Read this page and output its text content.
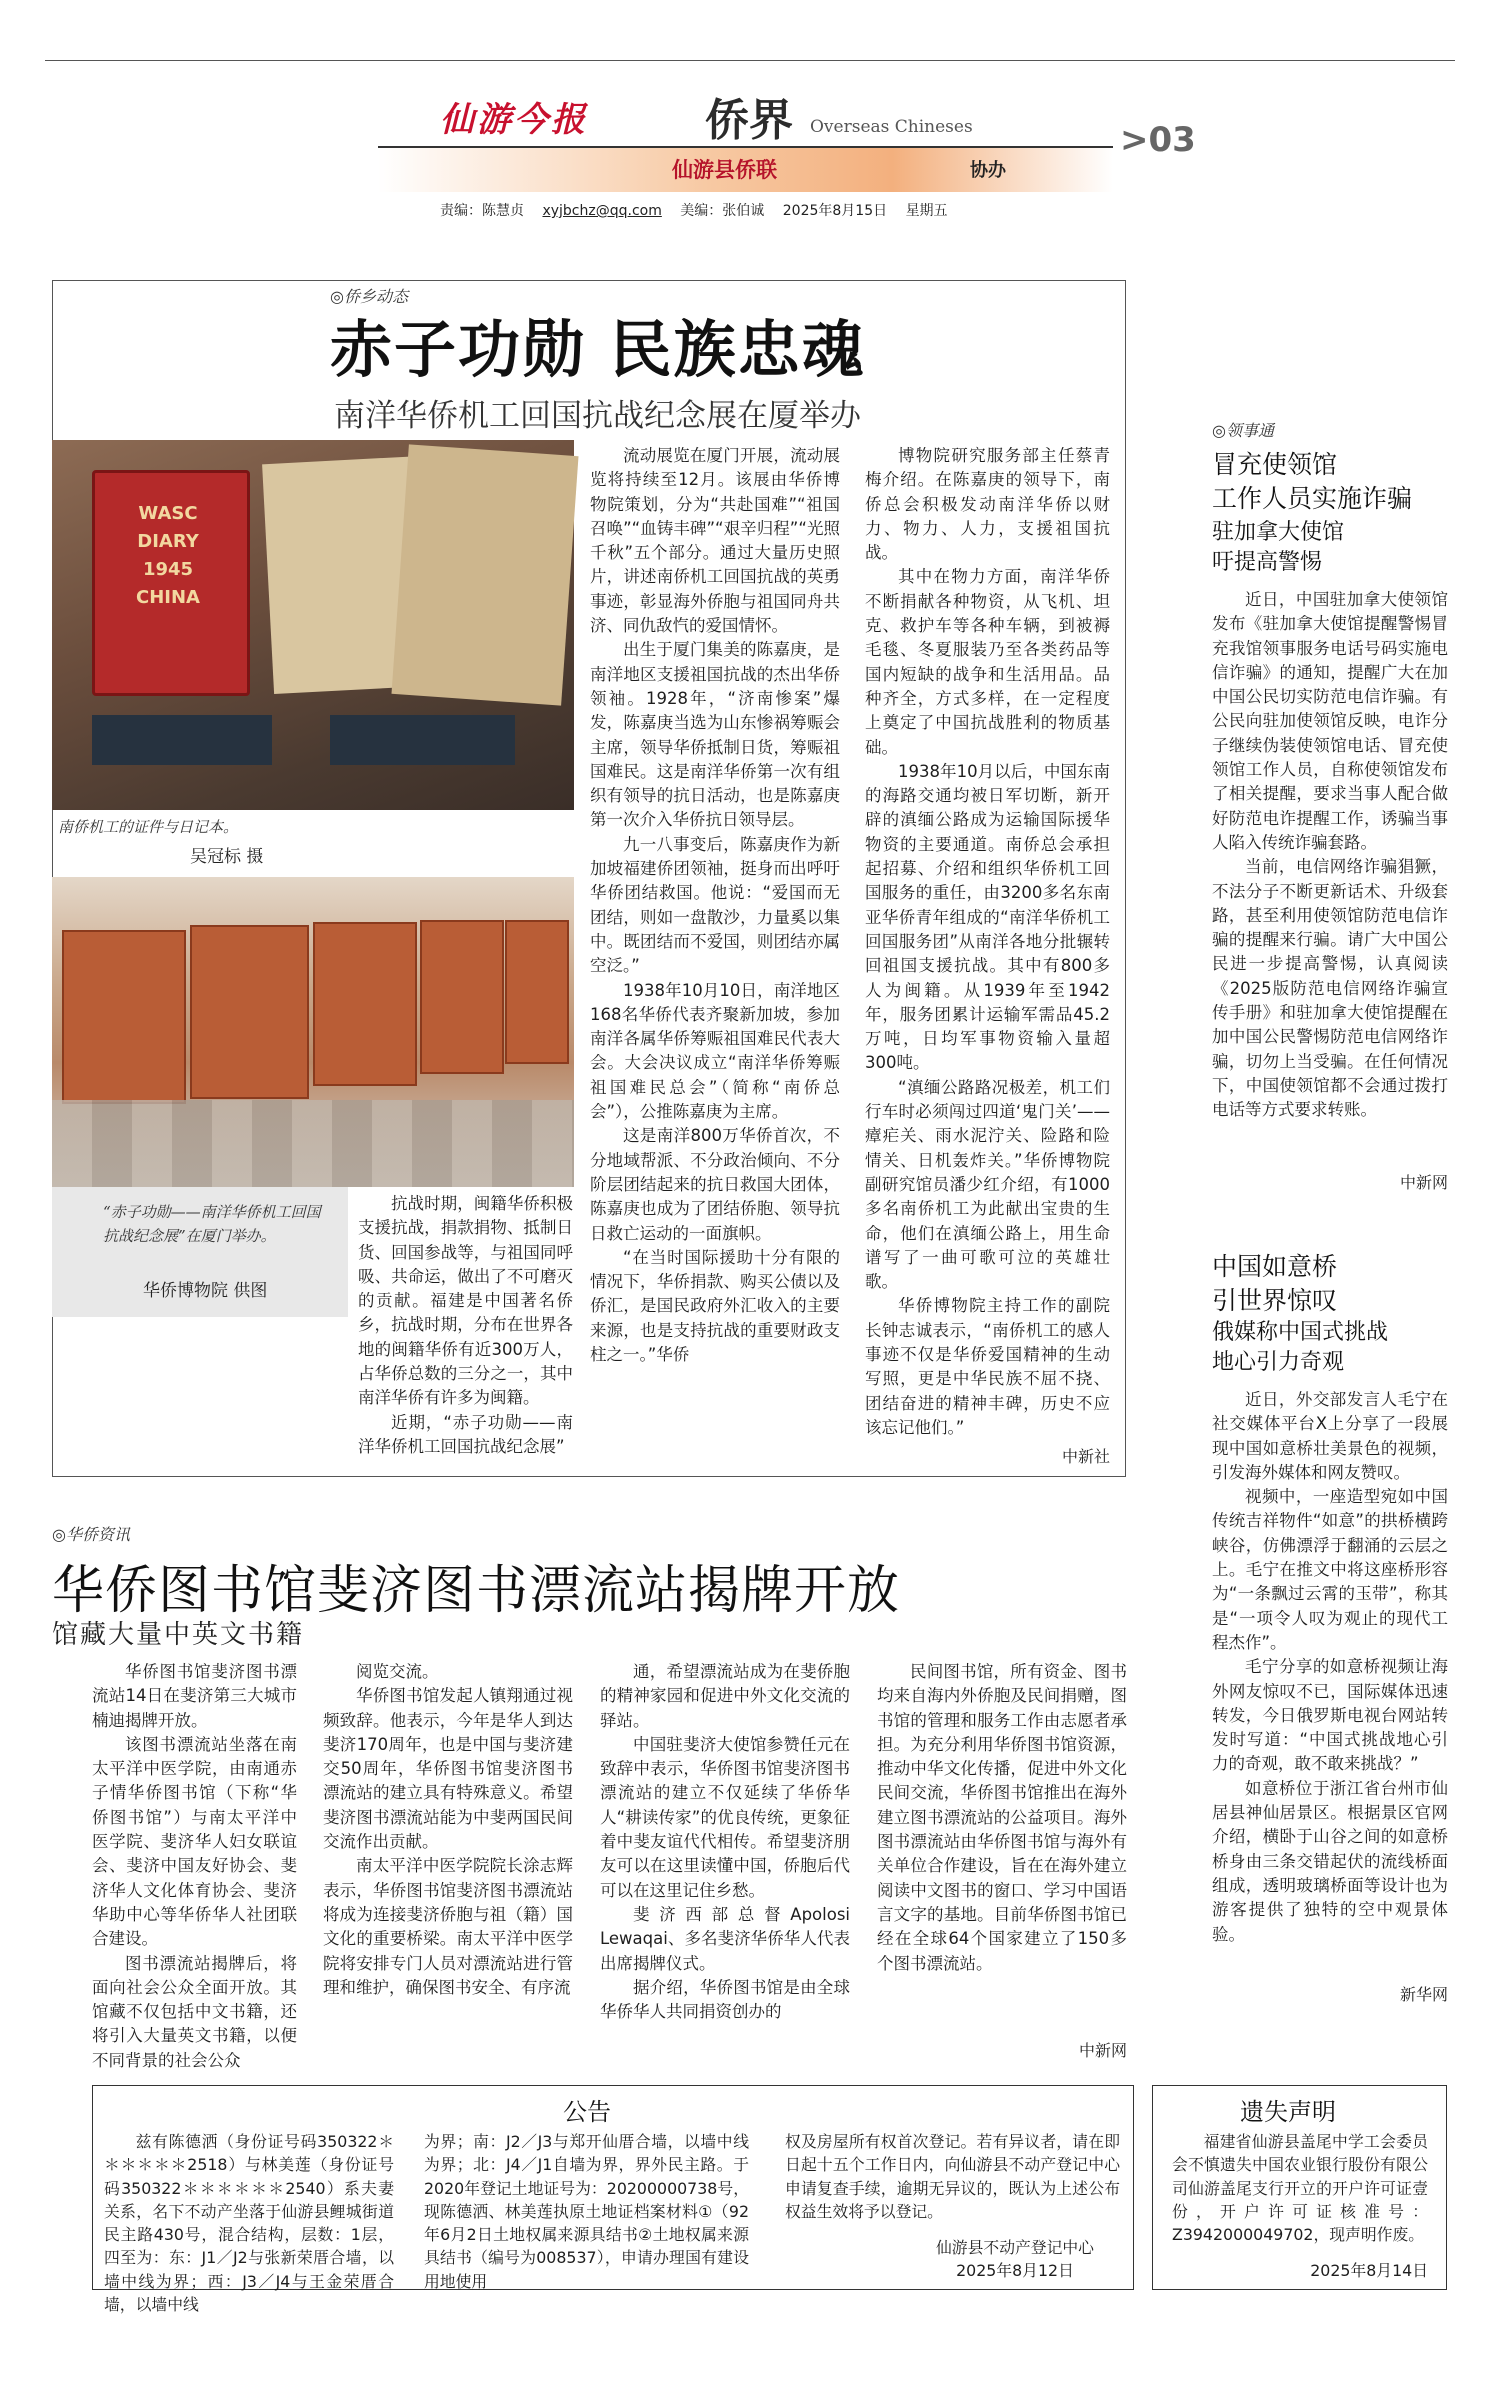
仙游今报	侨界 Overseas Chineses	>03
仙游县侨联	协办
责编：陈慧贞 xyjbchz@qq.com 美编：张伯诚 2025年8月15日 星期五
◎侨乡动态
赤子功勋 民族忠魂
南洋华侨机工回国抗战纪念展在厦举办
WASC
DIARY
1945
CHINA
南侨机工的证件与日记本。
吴冠标 摄
“赤子功勋——南洋华侨机工回国抗战纪念展”在厦门举办。
华侨博物院 供图

抗战时期，闽籍华侨积极支援抗战，捐款捐物、抵制日货、回国参战等，与祖国同呼吸、共命运，做出了不可磨灭的贡献。福建是中国著名侨乡，抗战时期，分布在世界各地的闽籍华侨有近300万人，占华侨总数的三分之一，其中南洋华侨有许多为闽籍。

近期，“赤子功勋——南洋华侨机工回国抗战纪念展”

流动展览在厦门开展，流动展览将持续至12月。该展由华侨博物院策划，分为“共赴国难”“祖国召唤”“血铸丰碑”“艰辛归程”“光照千秋”五个部分。通过大量历史照片，讲述南侨机工回国抗战的英勇事迹，彰显海外侨胞与祖国同舟共济、同仇敌忾的爱国情怀。

出生于厦门集美的陈嘉庚，是南洋地区支援祖国抗战的杰出华侨领袖。1928年，“济南惨案”爆发，陈嘉庚当选为山东惨祸筹赈会主席，领导华侨抵制日货，筹赈祖国难民。这是南洋华侨第一次有组织有领导的抗日活动，也是陈嘉庚第一次介入华侨抗日领导层。

九一八事变后，陈嘉庚作为新加坡福建侨团领袖，挺身而出呼吁华侨团结救国。他说：“爱国而无团结，则如一盘散沙，力量奚以集中。既团结而不爱国，则团结亦属空泛。”

1938年10月10日，南洋地区168名华侨代表齐聚新加坡，参加南洋各属华侨筹赈祖国难民代表大会。大会决议成立“南洋华侨筹赈祖国难民总会”（简称“南侨总会”），公推陈嘉庚为主席。

这是南洋800万华侨首次，不分地域帮派、不分政治倾向、不分阶层团结起来的抗日救国大团体，陈嘉庚也成为了团结侨胞、领导抗日救亡运动的一面旗帜。

“在当时国际援助十分有限的情况下，华侨捐款、购买公债以及侨汇，是国民政府外汇收入的主要来源，也是支持抗战的重要财政支柱之一。”华侨

博物院研究服务部主任蔡青梅介绍。在陈嘉庚的领导下，南侨总会积极发动南洋华侨以财力、物力、人力，支援祖国抗战。

其中在物力方面，南洋华侨不断捐献各种物资，从飞机、坦克、救护车等各种车辆，到被褥毛毯、冬夏服装乃至各类药品等国内短缺的战争和生活用品。品种齐全，方式多样，在一定程度上奠定了中国抗战胜利的物质基础。

1938年10月以后，中国东南的海路交通均被日军切断，新开辟的滇缅公路成为运输国际援华物资的主要通道。南侨总会承担起招募、介绍和组织华侨机工回国服务的重任，由3200多名东南亚华侨青年组成的“南洋华侨机工回国服务团”从南洋各地分批辗转回祖国支援抗战。其中有800多人为闽籍。从1939年至1942年，服务团累计运输军需品45.2万吨，日均军事物资输入量超300吨。

“滇缅公路路况极差，机工们行车时必须闯过四道‘鬼门关’——瘴疟关、雨水泥泞关、险路和险情关、日机轰炸关。”华侨博物院副研究馆员潘少红介绍，有1000多名南侨机工为此献出宝贵的生命，他们在滇缅公路上，用生命谱写了一曲可歌可泣的英雄壮歌。

华侨博物院主持工作的副院长钟志诚表示，“南侨机工的感人事迹不仅是华侨爱国精神的生动写照，更是中华民族不屈不挠、团结奋进的精神丰碑，历史不应该忘记他们。”

中新社
◎领事通
冒充使领馆
工作人员实施诈骗
驻加拿大使馆
吁提高警惕

近日，中国驻加拿大使领馆发布《驻加拿大使馆提醒警惕冒充我馆领事服务电话号码实施电信诈骗》的通知，提醒广大在加中国公民切实防范电信诈骗。有公民向驻加使领馆反映，电诈分子继续伪装使领馆电话、冒充使领馆工作人员，自称使领馆发布了相关提醒，要求当事人配合做好防范电诈提醒工作，诱骗当事人陷入传统诈骗套路。

当前，电信网络诈骗猖獗，不法分子不断更新话术、升级套路，甚至利用使领馆防范电信诈骗的提醒来行骗。请广大中国公民进一步提高警惕，认真阅读《2025版防范电信网络诈骗宣传手册》和驻加拿大使馆提醒在加中国公民警惕防范电信网络诈骗，切勿上当受骗。在任何情况下，中国使领馆都不会通过拨打电话等方式要求转账。

中新网
中国如意桥
引世界惊叹
俄媒称中国式挑战
地心引力奇观

近日，外交部发言人毛宁在社交媒体平台X上分享了一段展现中国如意桥壮美景色的视频，引发海外媒体和网友赞叹。

视频中，一座造型宛如中国传统吉祥物件“如意”的拱桥横跨峡谷，仿佛漂浮于翻涌的云层之上。毛宁在推文中将这座桥形容为“一条飘过云霄的玉带”，称其是“一项令人叹为观止的现代工程杰作”。

毛宁分享的如意桥视频让海外网友惊叹不已，国际媒体迅速转发，今日俄罗斯电视台网站转发时写道：“中国式挑战地心引力的奇观，敢不敢来挑战？”

如意桥位于浙江省台州市仙居县神仙居景区。根据景区官网介绍，横卧于山谷之间的如意桥桥身由三条交错起伏的流线桥面组成，透明玻璃桥面等设计也为游客提供了独特的空中观景体验。

新华网
◎华侨资讯
华侨图书馆斐济图书漂流站揭牌开放
馆藏大量中英文书籍

华侨图书馆斐济图书漂流站14日在斐济第三大城市楠迪揭牌开放。

该图书漂流站坐落在南太平洋中医学院，由南通赤子情华侨图书馆（下称“华侨图书馆”）与南太平洋中医学院、斐济华人妇女联谊会、斐济中国友好协会、斐济华人文化体育协会、斐济华助中心等华侨华人社团联合建设。

图书漂流站揭牌后，将面向社会公众全面开放。其馆藏不仅包括中文书籍，还将引入大量英文书籍，以便不同背景的社会公众

阅览交流。

华侨图书馆发起人镇翔通过视频致辞。他表示，今年是华人到达斐济170周年，也是中国与斐济建交50周年，华侨图书馆斐济图书漂流站的建立具有特殊意义。希望斐济图书漂流站能为中斐两国民间交流作出贡献。

南太平洋中医学院院长涂志辉表示，华侨图书馆斐济图书漂流站将成为连接斐济侨胞与祖（籍）国文化的重要桥梁。南太平洋中医学院将安排专门人员对漂流站进行管理和维护，确保图书安全、有序流

通，希望漂流站成为在斐侨胞的精神家园和促进中外文化交流的驿站。

中国驻斐济大使馆参赞任元在致辞中表示，华侨图书馆斐济图书漂流站的建立不仅延续了华侨华人“耕读传家”的优良传统，更象征着中斐友谊代代相传。希望斐济朋友可以在这里读懂中国，侨胞后代可以在这里记住乡愁。

斐济西部总督Apolosi Lewaqai、多名斐济华侨华人代表出席揭牌仪式。

据介绍，华侨图书馆是由全球华侨华人共同捐资创办的

民间图书馆，所有资金、图书均来自海内外侨胞及民间捐赠，图书馆的管理和服务工作由志愿者承担。为充分利用华侨图书馆资源，推动中华文化传播，促进中外文化民间交流，华侨图书馆推出在海外建立图书漂流站的公益项目。海外图书漂流站由华侨图书馆与海外有关单位合作建设，旨在在海外建立阅读中文图书的窗口、学习中国语言文字的基地。目前华侨图书馆已经在全球64个国家建立了150多个图书漂流站。

中新网
公告

兹有陈德洒（身份证号码350322＊＊＊＊＊＊2518）与林美莲（身份证号码350322＊＊＊＊＊＊2540）系夫妻关系，名下不动产坐落于仙游县鲤城街道民主路430号，混合结构，层数：1层，四至为：东：J1／J2与张新荣厝合墙，以墙中线为界；西：J3／J4与王金荣厝合墙，以墙中线

为界；南：J2／J3与郑开仙厝合墙，以墙中线为界；北：J4／J1自墙为界，界外民主路。于2020年登记土地证号为：20200000738号，现陈德洒、林美莲执原土地证档案材料①（92年6月2日土地权属来源具结书②土地权属来源具结书（编号为008537），申请办理国有建设用地使用

权及房屋所有权首次登记。若有异议者，请在即日起十五个工作日内，向仙游县不动产登记中心申请复查手续，逾期无异议的，既认为上述公布权益生效将予以登记。

仙游县不动产登记中心
2025年8月12日
遗失声明

福建省仙游县盖尾中学工会委员会不慎遗失中国农业银行股份有限公司仙游盖尾支行开立的开户许可证壹份，开户许可证核准号：Z3942000049702，现声明作废。

2025年8月14日
